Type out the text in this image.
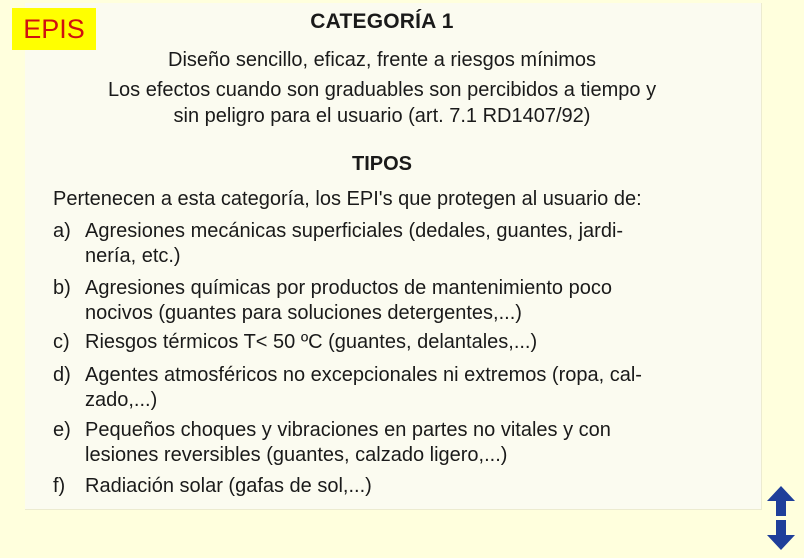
EPIS	CATEGORÍA 1
Diseño sencillo, eficaz, frente a riesgos mínimos
Los efectos cuando son graduables son percibidos a tiempo y
sin peligro para el usuario (art. 7.1 RD1407/92)
TIPOS
Pertenecen a esta categoría, los EPI's que protegen al usuario de:
a) Agresiones mecánicas superficiales (dedales, guantes, jardi-
nería, etc.)
b) Agresiones químicas por productos de mantenimiento poco
nocivos (guantes para soluciones detergentes,...)
c) Riesgos térmicos T< 50 ºC (guantes, delantales,...)
d) Agentes atmosféricos no excepcionales ni extremos (ropa, cal-
zado,...)
e) Pequeños choques y vibraciones en partes no vitales y con
lesiones reversibles (guantes, calzado ligero,...)
f) Radiación solar (gafas de sol,...)
